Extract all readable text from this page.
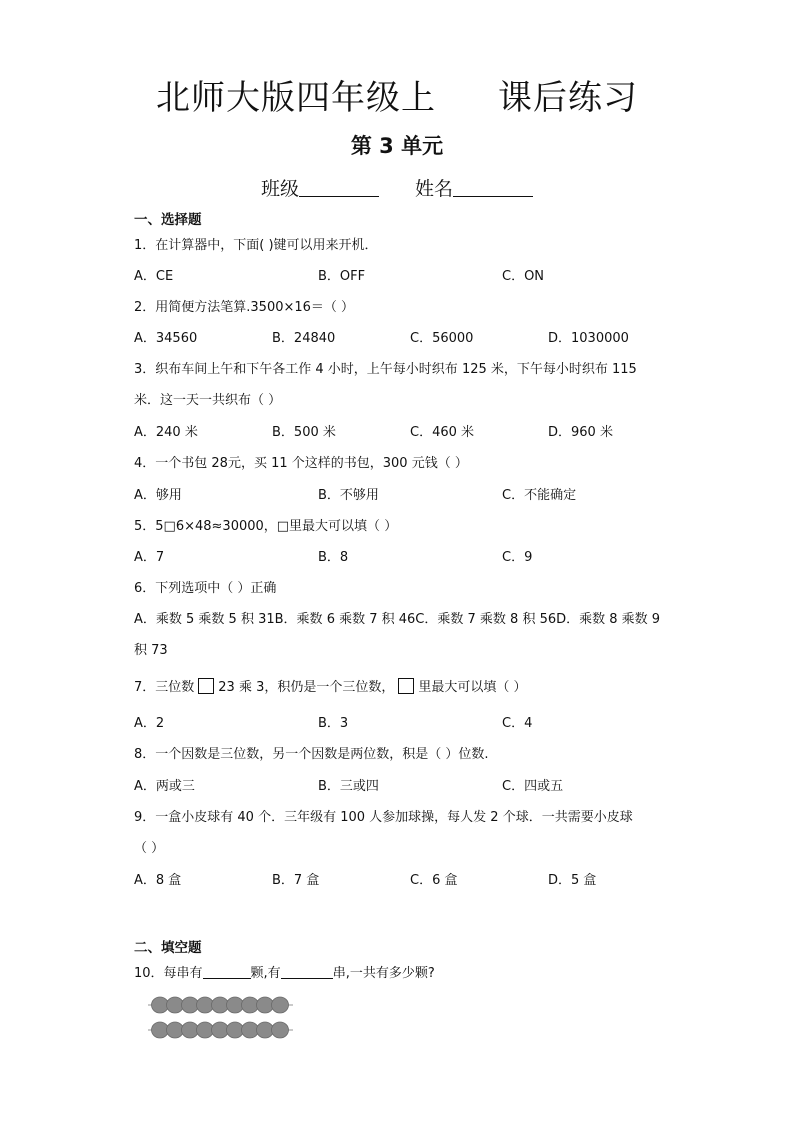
北师大版四年级上 课后练习
第 3 单元
班级	姓名
一、选择题
1．在计算器中，下面( )键可以用来开机．
A．CE	B．OFF	C．ON
2．用简便方法笔算.3500×16＝（ ）
A．34560	B．24840	C．56000	D．1030000
3．织布车间上午和下午各工作 4 小时，上午每小时织布 125 米，下午每小时织布 115
米．这一天一共织布（ ）
A．240 米	B．500 米	C．460 米	D．960 米
4．一个书包 28元，买 11 个这样的书包，300 元钱（ ）
A．够用	B．不够用	C．不能确定
5．5□6×48≈30000，□里最大可以填（ ）
A．7	B．8	C．9
6．下列选项中（ ）正确
A．乘数 5 乘数 5 积 31B．乘数 6 乘数 7 积 46C．乘数 7 乘数 8 积 56D．乘数 8 乘数 9
积 73
7．三位数 23 乘 3，积仍是一个三位数， 里最大可以填（ ）
A．2	B．3	C．4
8．一个因数是三位数，另一个因数是两位数，积是（ ）位数.
A．两或三	B．三或四	C．四或五
9．一盒小皮球有 40 个．三年级有 100 人参加球操，每人发 2 个球．一共需要小皮球
（ ）
A．8 盒	B．7 盒	C．6 盒	D．5 盒
二、填空题
10．每串有	颗,有	串,一共有多少颗?
